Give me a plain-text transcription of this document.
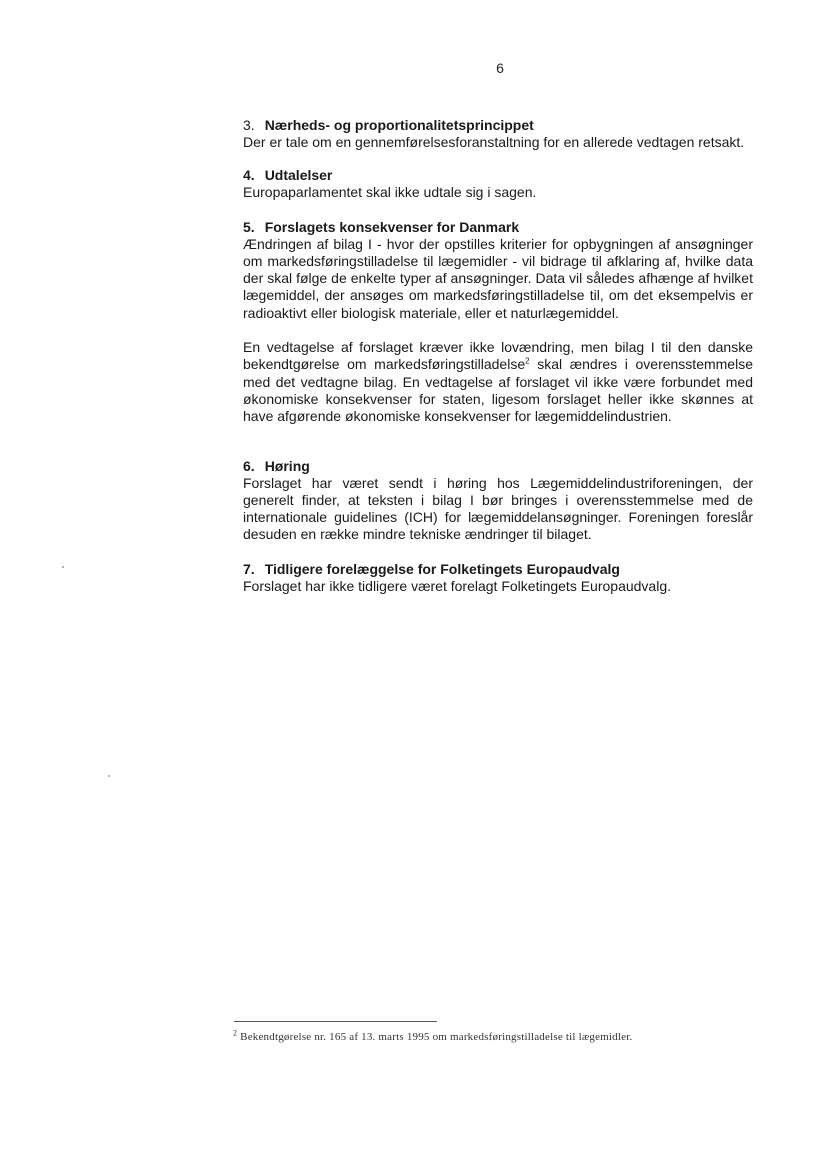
6

3. Nærheds- og proportionalitetsprincippet

Der er tale om en gennemførelsesforanstaltning for en allerede vedtagen retsakt.

4. Udtalelser

Europaparlamentet skal ikke udtale sig i sagen.

5. Forslagets konsekvenser for Danmark

Ændringen af bilag I - hvor der opstilles kriterier for opbygningen af ansøgninger om markedsføringstilladelse til lægemidler - vil bidrage til afklaring af, hvilke data der skal følge de enkelte typer af ansøgninger. Data vil således afhænge af hvilket lægemiddel, der ansøges om markedsføringstilladelse til, om det eksempelvis er radioaktivt eller biologisk materiale, eller et naturlægemiddel.

En vedtagelse af forslaget kræver ikke lovændring, men bilag I til den danske bekendtgørelse om markedsføringstilladelse$^2$ skal ændres i overensstemmelse med det vedtagne bilag. En vedtagelse af forslaget vil ikke være forbundet med økonomiske konsekvenser for staten, ligesom forslaget heller ikke skønnes at have afgørende økonomiske konsekvenser for lægemiddelindustrien.

6. Høring

Forslaget har været sendt i høring hos Lægemiddelindustriforeningen, der generelt finder, at teksten i bilag I bør bringes i overensstemmelse med de internationale guidelines (ICH) for lægemiddelansøgninger. Foreningen foreslår desuden en række mindre tekniske ændringer til bilaget.

7. Tidligere forelæggelse for Folketingets Europaudvalg

Forslaget har ikke tidligere været forelagt Folketingets Europaudvalg.

$^2$ Bekendtgørelse nr. 165 af 13. marts 1995 om markedsføringstilladelse til lægemidler.
